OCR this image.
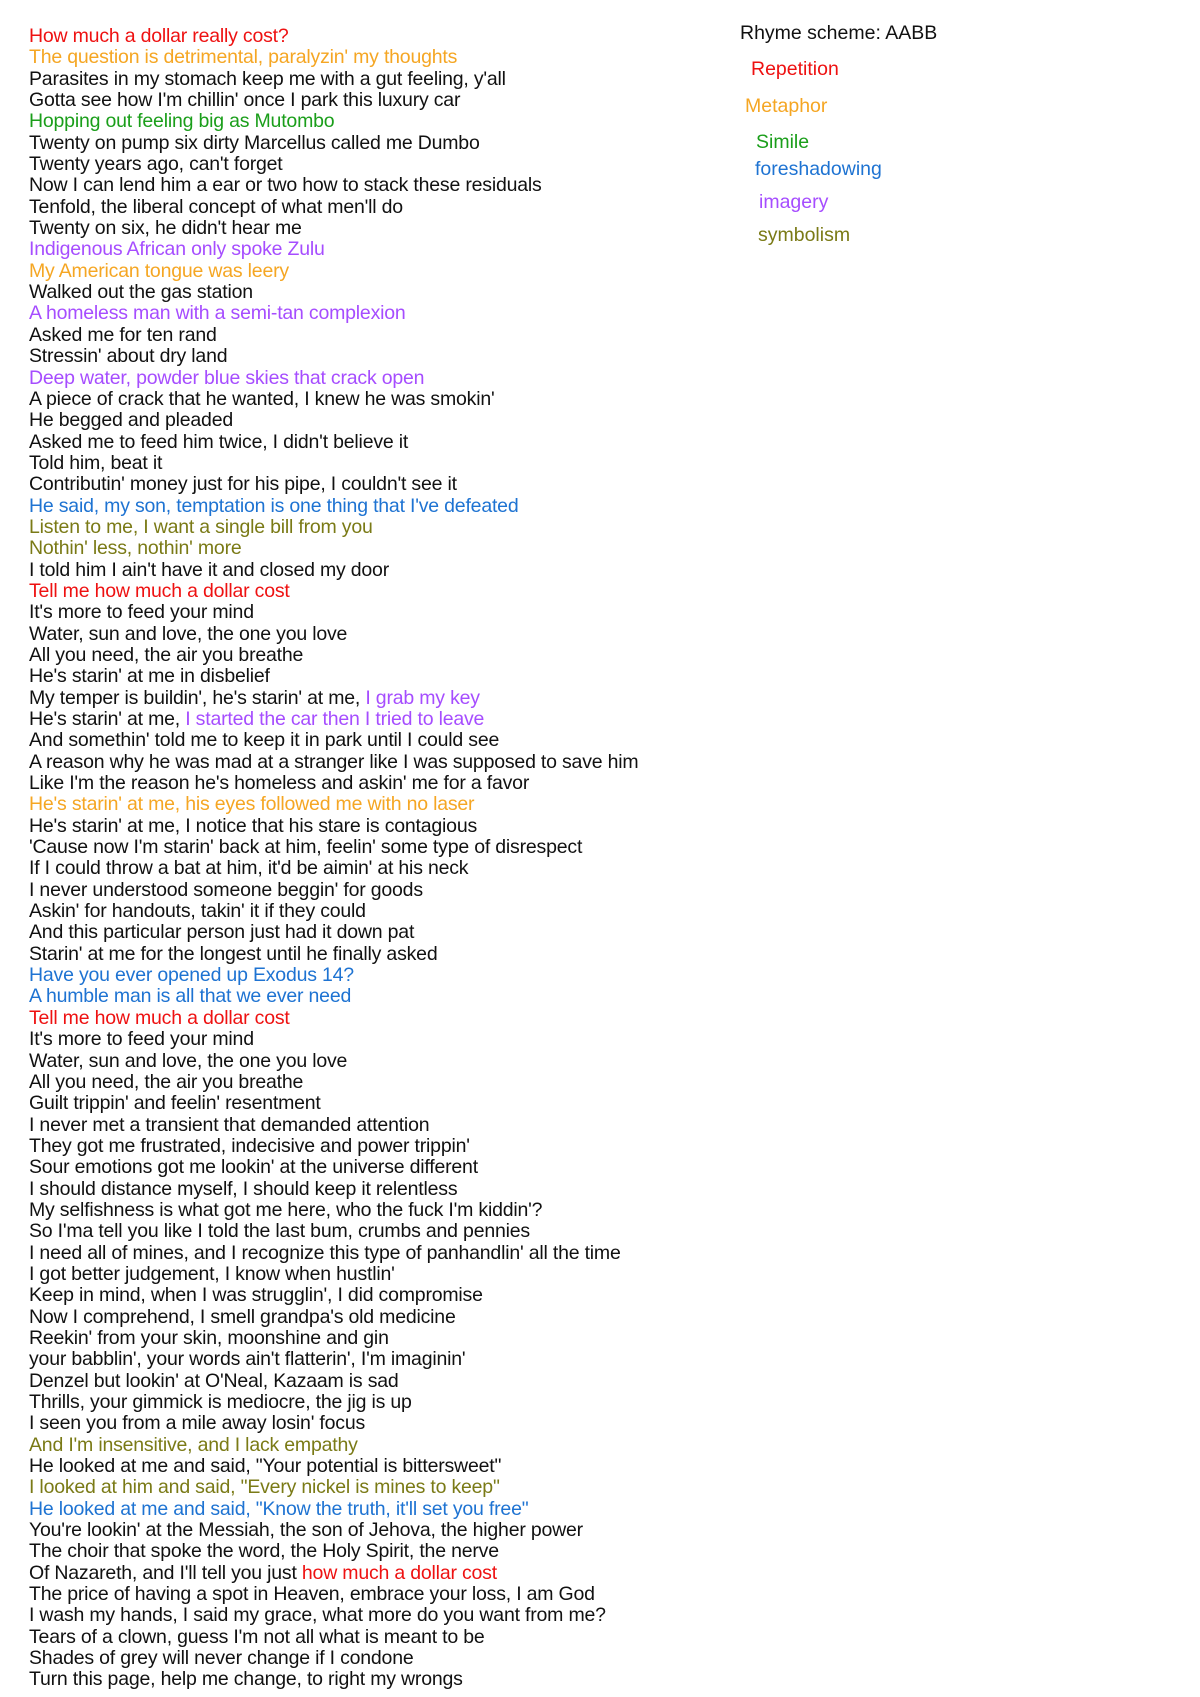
How much a dollar really cost?
The question is detrimental, paralyzin' my thoughts
Parasites in my stomach keep me with a gut feeling, y'all
Gotta see how I'm chillin' once I park this luxury car
Hopping out feeling big as Mutombo
Twenty on pump six dirty Marcellus called me Dumbo
Twenty years ago, can't forget
Now I can lend him a ear or two how to stack these residuals
Tenfold, the liberal concept of what men'll do
Twenty on six, he didn't hear me
Indigenous African only spoke Zulu
My American tongue was leery
Walked out the gas station
A homeless man with a semi-tan complexion
Asked me for ten rand
Stressin' about dry land
Deep water, powder blue skies that crack open
A piece of crack that he wanted, I knew he was smokin'
He begged and pleaded
Asked me to feed him twice, I didn't believe it
Told him, beat it
Contributin' money just for his pipe, I couldn't see it
He said, my son, temptation is one thing that I've defeated
Listen to me, I want a single bill from you
Nothin' less, nothin' more
I told him I ain't have it and closed my door
Tell me how much a dollar cost
It's more to feed your mind
Water, sun and love, the one you love
All you need, the air you breathe
He's starin' at me in disbelief
My temper is buildin', he's starin' at me, I grab my key
He's starin' at me, I started the car then I tried to leave
And somethin' told me to keep it in park until I could see
A reason why he was mad at a stranger like I was supposed to save him
Like I'm the reason he's homeless and askin' me for a favor
He's starin' at me, his eyes followed me with no laser
He's starin' at me, I notice that his stare is contagious
'Cause now I'm starin' back at him, feelin' some type of disrespect
If I could throw a bat at him, it'd be aimin' at his neck
I never understood someone beggin' for goods
Askin' for handouts, takin' it if they could
And this particular person just had it down pat
Starin' at me for the longest until he finally asked
Have you ever opened up Exodus 14?
A humble man is all that we ever need
Tell me how much a dollar cost
It's more to feed your mind
Water, sun and love, the one you love
All you need, the air you breathe
Guilt trippin' and feelin' resentment
I never met a transient that demanded attention
They got me frustrated, indecisive and power trippin'
Sour emotions got me lookin' at the universe different
I should distance myself, I should keep it relentless
My selfishness is what got me here, who the fuck I'm kiddin'?
So I'ma tell you like I told the last bum, crumbs and pennies
I need all of mines, and I recognize this type of panhandlin' all the time
I got better judgement, I know when hustlin'
Keep in mind, when I was strugglin', I did compromise
Now I comprehend, I smell grandpa's old medicine
Reekin' from your skin, moonshine and gin
your babblin', your words ain't flatterin', I'm imaginin'
Denzel but lookin' at O'Neal, Kazaam is sad
Thrills, your gimmick is mediocre, the jig is up
I seen you from a mile away losin' focus
And I'm insensitive, and I lack empathy
He looked at me and said, "Your potential is bittersweet"
I looked at him and said, "Every nickel is mines to keep"
He looked at me and said, "Know the truth, it'll set you free"
You're lookin' at the Messiah, the son of Jehova, the higher power
The choir that spoke the word, the Holy Spirit, the nerve
Of Nazareth, and I'll tell you just how much a dollar cost
The price of having a spot in Heaven, embrace your loss, I am God
I wash my hands, I said my grace, what more do you want from me?
Tears of a clown, guess I'm not all what is meant to be
Shades of grey will never change if I condone
Turn this page, help me change, to right my wrongs
Rhyme scheme: AABB
Repetition
Metaphor
Simile
foreshadowing
imagery
symbolism
